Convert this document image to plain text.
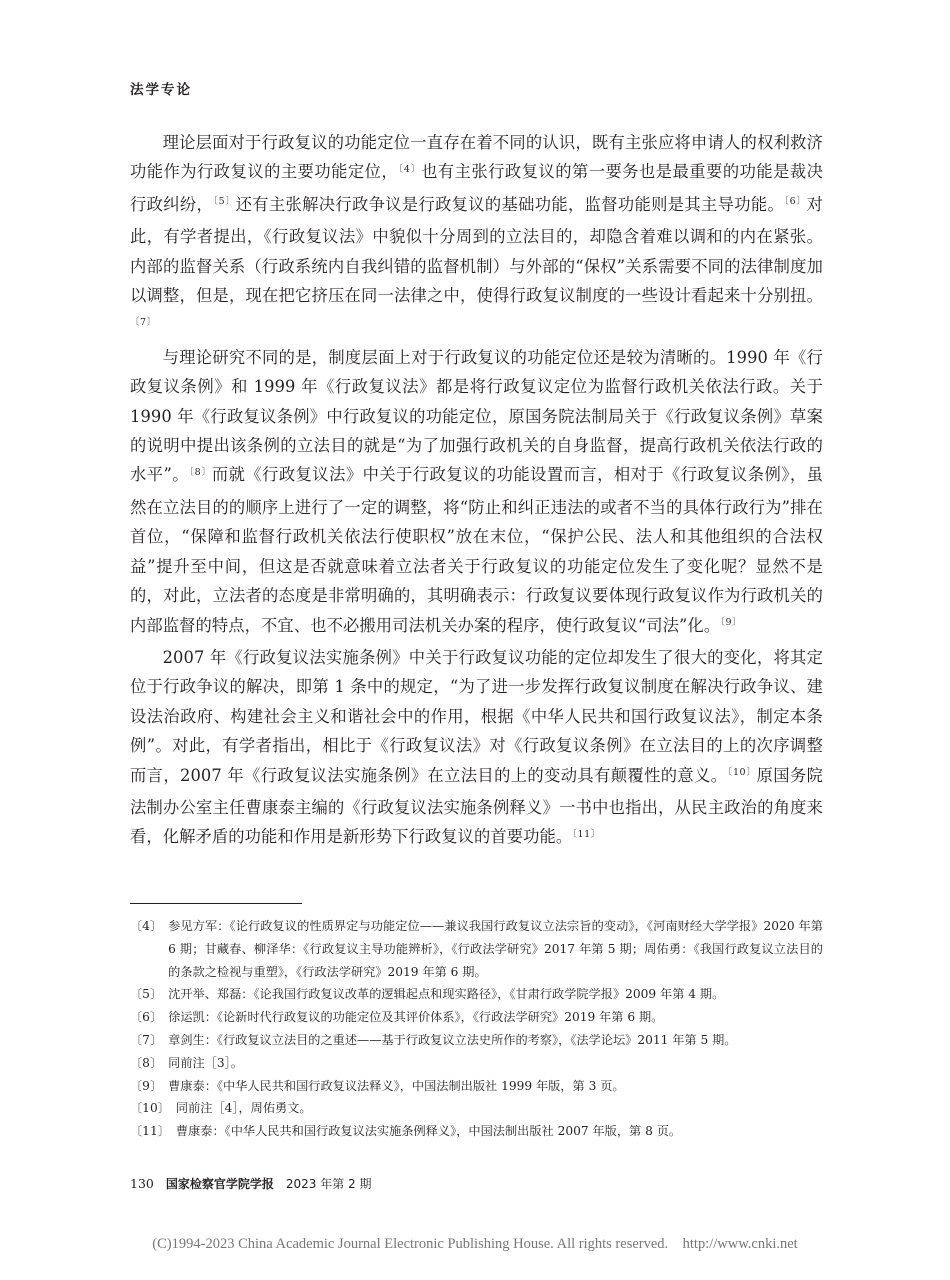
法学专论

理论层面对于行政复议的功能定位一直存在着不同的认识，既有主张应将申请人的权利救济功能作为行政复议的主要功能定位，$^{〔4〕}$也有主张行政复议的第一要务也是最重要的功能是裁决行政纠纷，$^{〔5〕}$还有主张解决行政争议是行政复议的基础功能，监督功能则是其主导功能。$^{〔6〕}$对此，有学者提出，《行政复议法》中貌似十分周到的立法目的，却隐含着难以调和的内在紧张。内部的监督关系（行政系统内自我纠错的监督机制）与外部的“保权”关系需要不同的法律制度加以调整，但是，现在把它挤压在同一法律之中，使得行政复议制度的一些设计看起来十分别扭。$^{〔7〕}$

与理论研究不同的是，制度层面上对于行政复议的功能定位还是较为清晰的。1990 年《行政复议条例》和 1999 年《行政复议法》都是将行政复议定位为监督行政机关依法行政。关于 1990 年《行政复议条例》中行政复议的功能定位，原国务院法制局关于《行政复议条例》草案的说明中提出该条例的立法目的就是“为了加强行政机关的自身监督，提高行政机关依法行政的水平”。$^{〔8〕}$而就《行政复议法》中关于行政复议的功能设置而言，相对于《行政复议条例》，虽然在立法目的的顺序上进行了一定的调整，将“防止和纠正违法的或者不当的具体行政行为”排在首位，“保障和监督行政机关依法行使职权”放在末位，“保护公民、法人和其他组织的合法权益”提升至中间，但这是否就意味着立法者关于行政复议的功能定位发生了变化呢？显然不是的，对此，立法者的态度是非常明确的，其明确表示：行政复议要体现行政复议作为行政机关的内部监督的特点，不宜、也不必搬用司法机关办案的程序，使行政复议“司法”化。$^{〔9〕}$

2007 年《行政复议法实施条例》中关于行政复议功能的定位却发生了很大的变化，将其定位于行政争议的解决，即第 1 条中的规定，“为了进一步发挥行政复议制度在解决行政争议、建设法治政府、构建社会主义和谐社会中的作用，根据《中华人民共和国行政复议法》，制定本条例”。对此，有学者指出，相比于《行政复议法》对《行政复议条例》在立法目的上的次序调整而言，2007 年《行政复议法实施条例》在立法目的上的变动具有颠覆性的意义。$^{〔10〕}$原国务院法制办公室主任曹康泰主编的《行政复议法实施条例释义》一书中也指出，从民主政治的角度来看，化解矛盾的功能和作用是新形势下行政复议的首要功能。$^{〔11〕}$

〔4〕 参见方军：《论行政复议的性质界定与功能定位——兼议我国行政复议立法宗旨的变动》，《河南财经大学学报》2020 年第 6 期；甘藏春、柳泽华：《行政复议主导功能辨析》，《行政法学研究》2017 年第 5 期；周佑勇：《我国行政复议立法目的的条款之检视与重塑》，《行政法学研究》2019 年第 6 期。
〔5〕 沈开举、郑磊：《论我国行政复议改革的逻辑起点和现实路径》，《甘肃行政学院学报》2009 年第 4 期。
〔6〕 徐运凯：《论新时代行政复议的功能定位及其评价体系》，《行政法学研究》2019 年第 6 期。
〔7〕 章剑生：《行政复议立法目的之重述——基于行政复议立法史所作的考察》，《法学论坛》2011 年第 5 期。
〔8〕 同前注［3］。
〔9〕 曹康泰：《中华人民共和国行政复议法释义》，中国法制出版社 1999 年版，第 3 页。
〔10〕 同前注［4］，周佑勇文。
〔11〕 曹康泰：《中华人民共和国行政复议法实施条例释义》，中国法制出版社 2007 年版，第 8 页。
130 国家检察官学院学报 2023 年第 2 期
(C)1994-2023 China Academic Journal Electronic Publishing House. All rights reserved.    http://www.cnki.net
